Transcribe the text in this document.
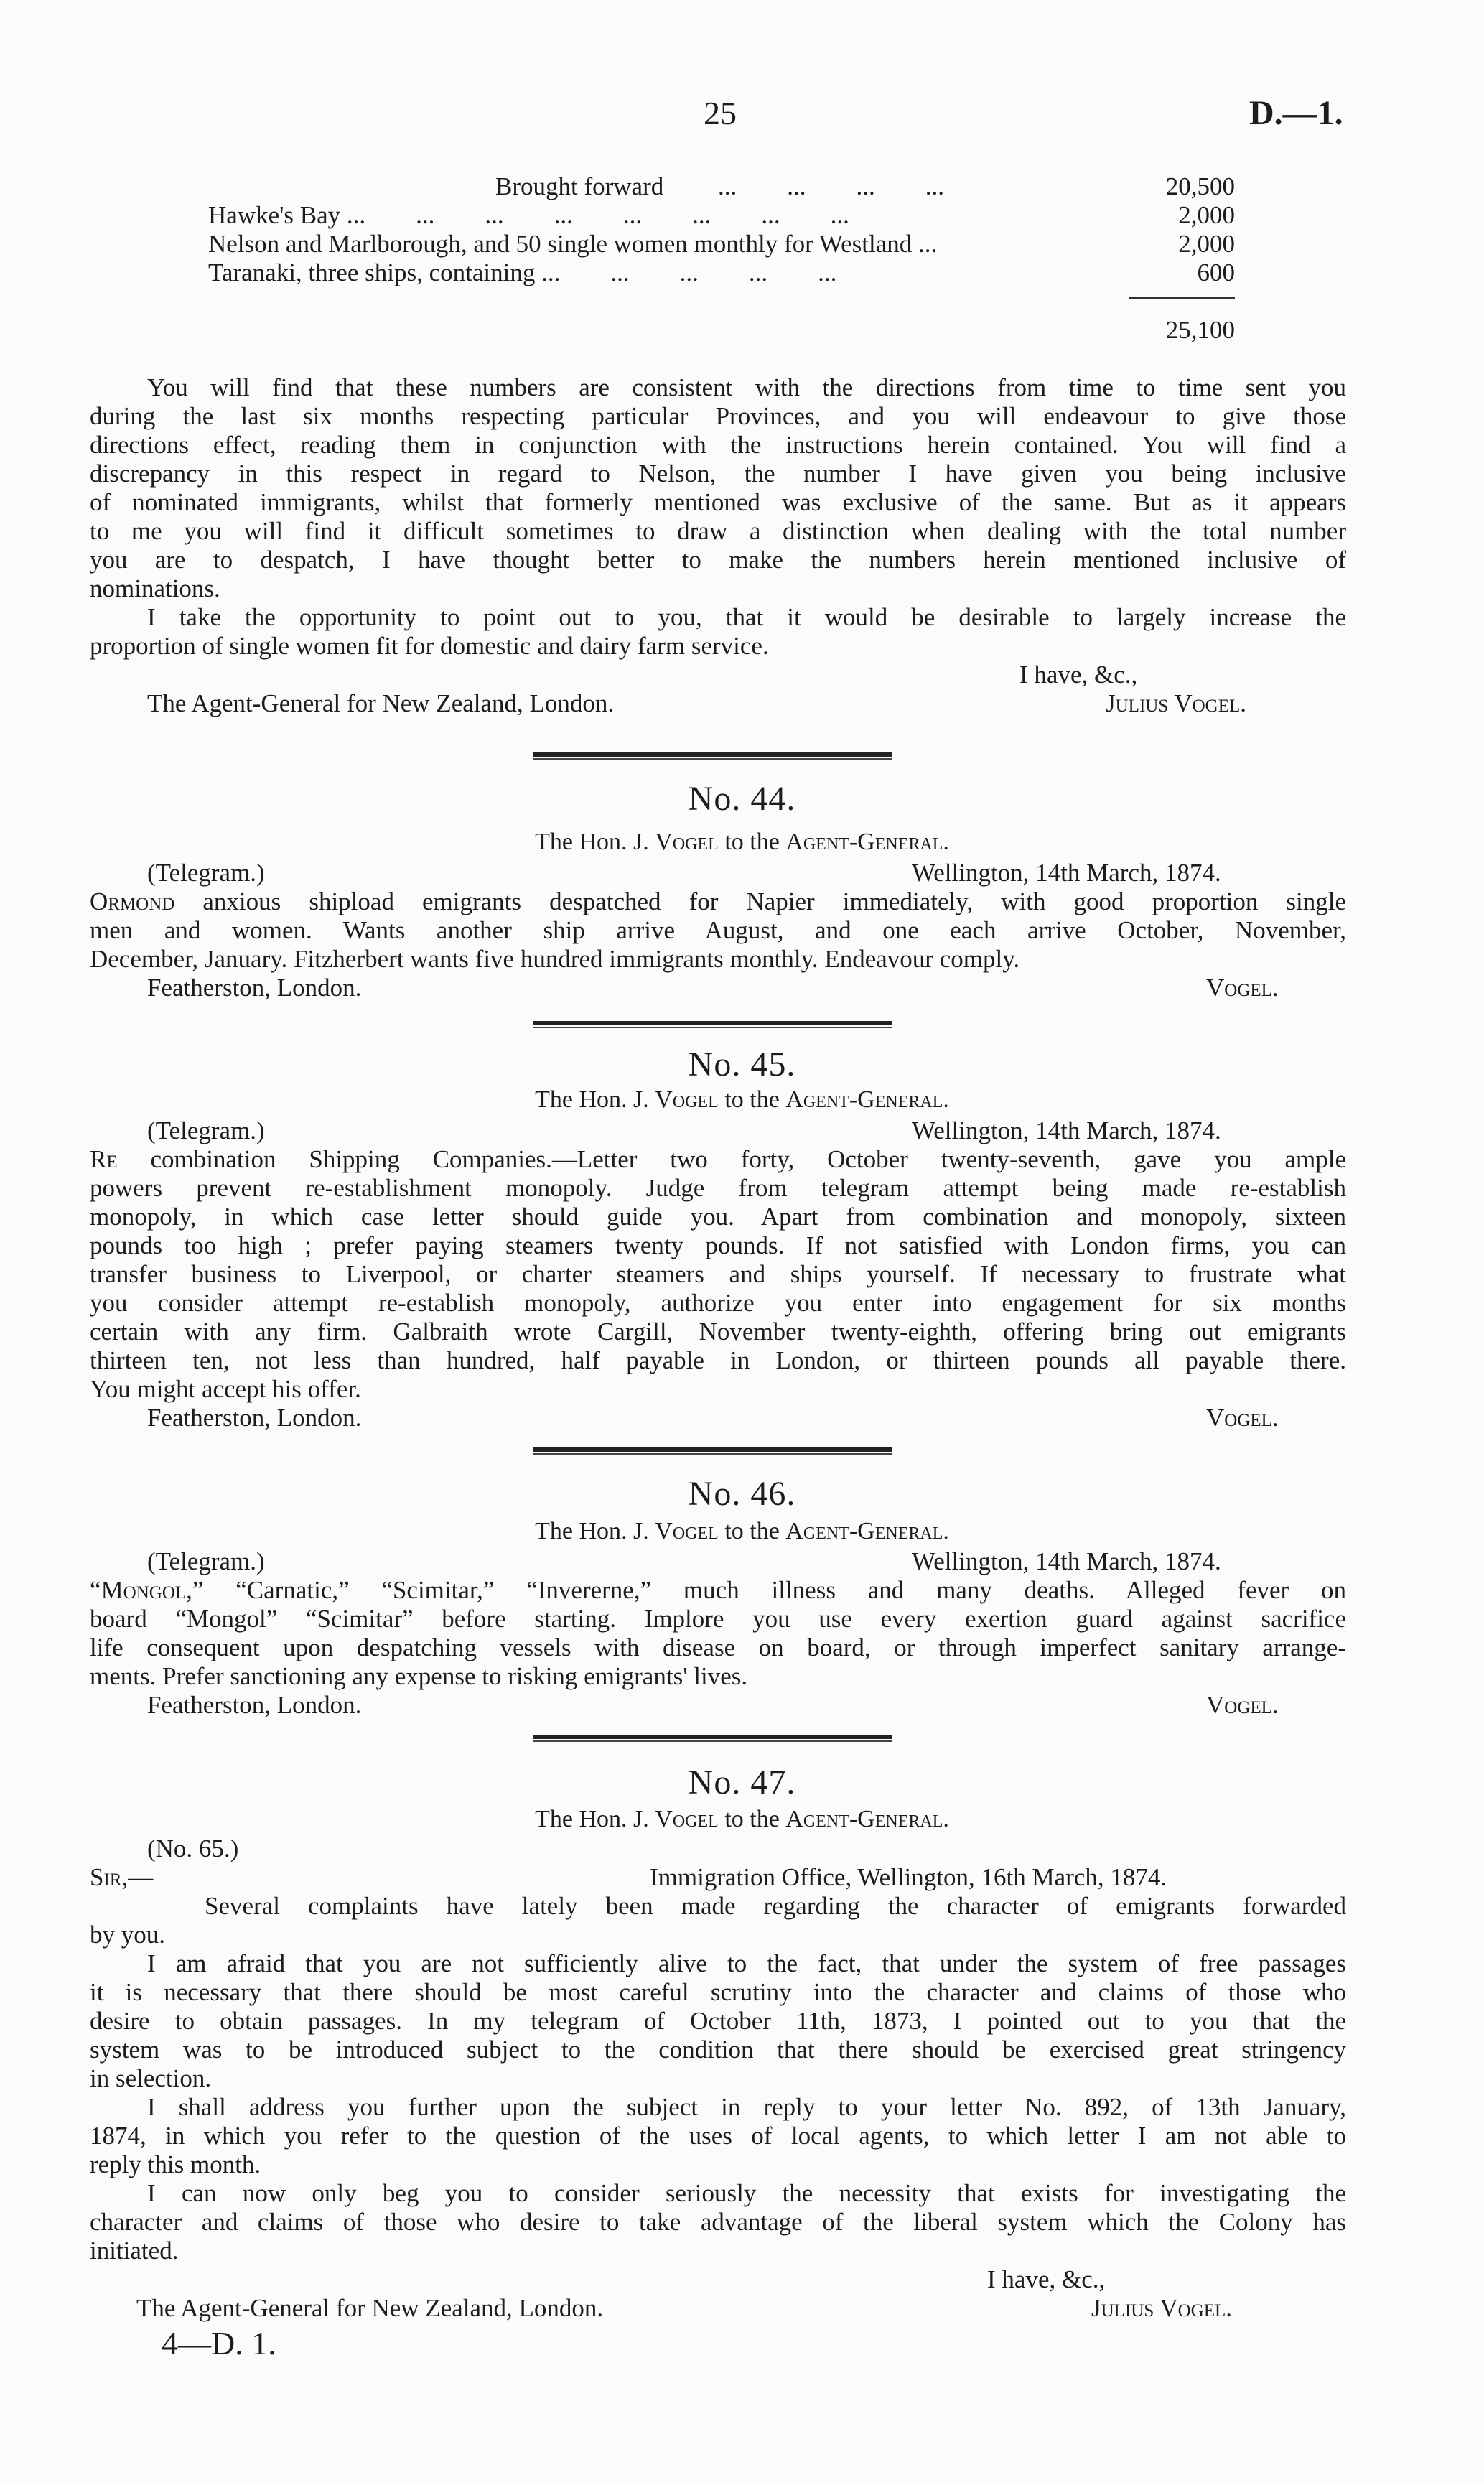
25	D.—1.
Brought forward ...  ...  ...  ...	20,500
Hawke's Bay ...  ...  ...  ...  ...  ...  ...  ...	2,000
Nelson and Marlborough, and 50 single women monthly for Westland ...	2,000
Taranaki, three ships, containing ...  ...  ...  ...  ...	600
25,100
You will find that these numbers are consistent with the directions from time to time sent you
during the last six months respecting particular Provinces, and you will endeavour to give those
directions effect, reading them in conjunction with the instructions herein contained. You will find a
discrepancy in this respect in regard to Nelson, the number I have given you being inclusive
of nominated immigrants, whilst that formerly mentioned was exclusive of the same. But as it appears
to me you will find it difficult sometimes to draw a distinction when dealing with the total number
you are to despatch, I have thought better to make the numbers herein mentioned inclusive of
nominations.
I take the opportunity to point out to you, that it would be desirable to largely increase the
proportion of single women fit for domestic and dairy farm service.
I have, &c.,
The Agent-General for New Zealand, London.	Julius Vogel.
No. 44.
The Hon. J. Vogel to the Agent-General.
(Telegram.)	Wellington, 14th March, 1874.
Ormond anxious shipload emigrants despatched for Napier immediately, with good proportion single
men and women. Wants another ship arrive August, and one each arrive October, November,
December, January. Fitzherbert wants five hundred immigrants monthly. Endeavour comply.
Featherston, London.	Vogel.
No. 45.
The Hon. J. Vogel to the Agent-General.
(Telegram.)	Wellington, 14th March, 1874.
Re combination Shipping Companies.—Letter two forty, October twenty-seventh, gave you ample
powers prevent re-establishment monopoly. Judge from telegram attempt being made re-establish
monopoly, in which case letter should guide you. Apart from combination and monopoly, sixteen
pounds too high ; prefer paying steamers twenty pounds. If not satisfied with London firms, you can
transfer business to Liverpool, or charter steamers and ships yourself. If necessary to frustrate what
you consider attempt re-establish monopoly, authorize you enter into engagement for six months
certain with any firm. Galbraith wrote Cargill, November twenty-eighth, offering bring out emigrants
thirteen ten, not less than hundred, half payable in London, or thirteen pounds all payable there.
You might accept his offer.
Featherston, London.	Vogel.
No. 46.
The Hon. J. Vogel to the Agent-General.
(Telegram.)	Wellington, 14th March, 1874.
“Mongol,” “Carnatic,” “Scimitar,” “Invererne,” much illness and many deaths. Alleged fever on
board “Mongol” “Scimitar” before starting. Implore you use every exertion guard against sacrifice
life consequent upon despatching vessels with disease on board, or through imperfect sanitary arrange-
ments. Prefer sanctioning any expense to risking emigrants' lives.
Featherston, London.	Vogel.
No. 47.
The Hon. J. Vogel to the Agent-General.
(No. 65.)
Sir,—	Immigration Office, Wellington, 16th March, 1874.
Several complaints have lately been made regarding the character of emigrants forwarded
by you.
I am afraid that you are not sufficiently alive to the fact, that under the system of free passages
it is necessary that there should be most careful scrutiny into the character and claims of those who
desire to obtain passages. In my telegram of October 11th, 1873, I pointed out to you that the
system was to be introduced subject to the condition that there should be exercised great stringency
in selection.
I shall address you further upon the subject in reply to your letter No. 892, of 13th January,
1874, in which you refer to the question of the uses of local agents, to which letter I am not able to
reply this month.
I can now only beg you to consider seriously the necessity that exists for investigating the
character and claims of those who desire to take advantage of the liberal system which the Colony has
initiated.
I have, &c.,
The Agent-General for New Zealand, London.	Julius Vogel.
4—D. 1.
